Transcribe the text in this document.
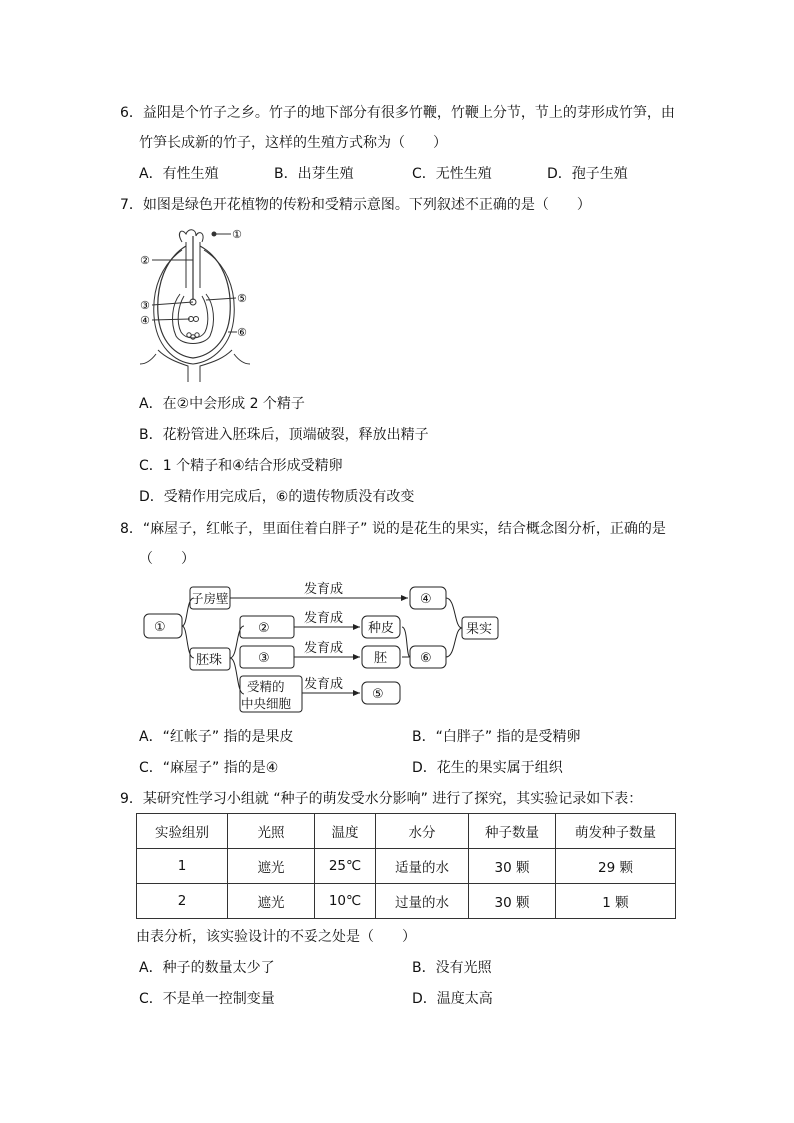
6．益阳是个竹子之乡。竹子的地下部分有很多竹鞭，竹鞭上分节，节上的芽形成竹笋，由
竹笋长成新的竹子，这样的生殖方式称为（　　）
A．有性生殖	B．出芽生殖	C．无性生殖	D．孢子生殖
7．如图是绿色开花植物的传粉和受精示意图。下列叙述不正确的是（　　）
①
②
③
④
⑤
⑥
A．在②中会形成 2 个精子
B．花粉管进入胚珠后，顶端破裂，释放出精子
C．1 个精子和④结合形成受精卵
D．受精作用完成后，⑥的遗传物质没有改变
8．“麻屋子，红帐子，里面住着白胖子” 说的是花生的果实，结合概念图分析，正确的是
（　　）
①
子房壁
胚珠
②
③
受精的
中央细胞
④
种皮
胚
⑤
⑥
果实
发育成
发育成
发育成
发育成
A．“红帐子” 指的是果皮	B．“白胖子” 指的是受精卵
C．“麻屋子” 指的是④	D．花生的果实属于组织
9．某研究性学习小组就 “种子的萌发受水分影响” 进行了探究，其实验记录如下表：
实验组别	光照	温度	水分	种子数量	萌发种子数量
1	遮光	25℃	适量的水	30 颗	29 颗
2	遮光	10℃	过量的水	30 颗	1 颗
由表分析，该实验设计的不妥之处是（　　）
A．种子的数量太少了	B．没有光照
C．不是单一控制变量	D．温度太高
